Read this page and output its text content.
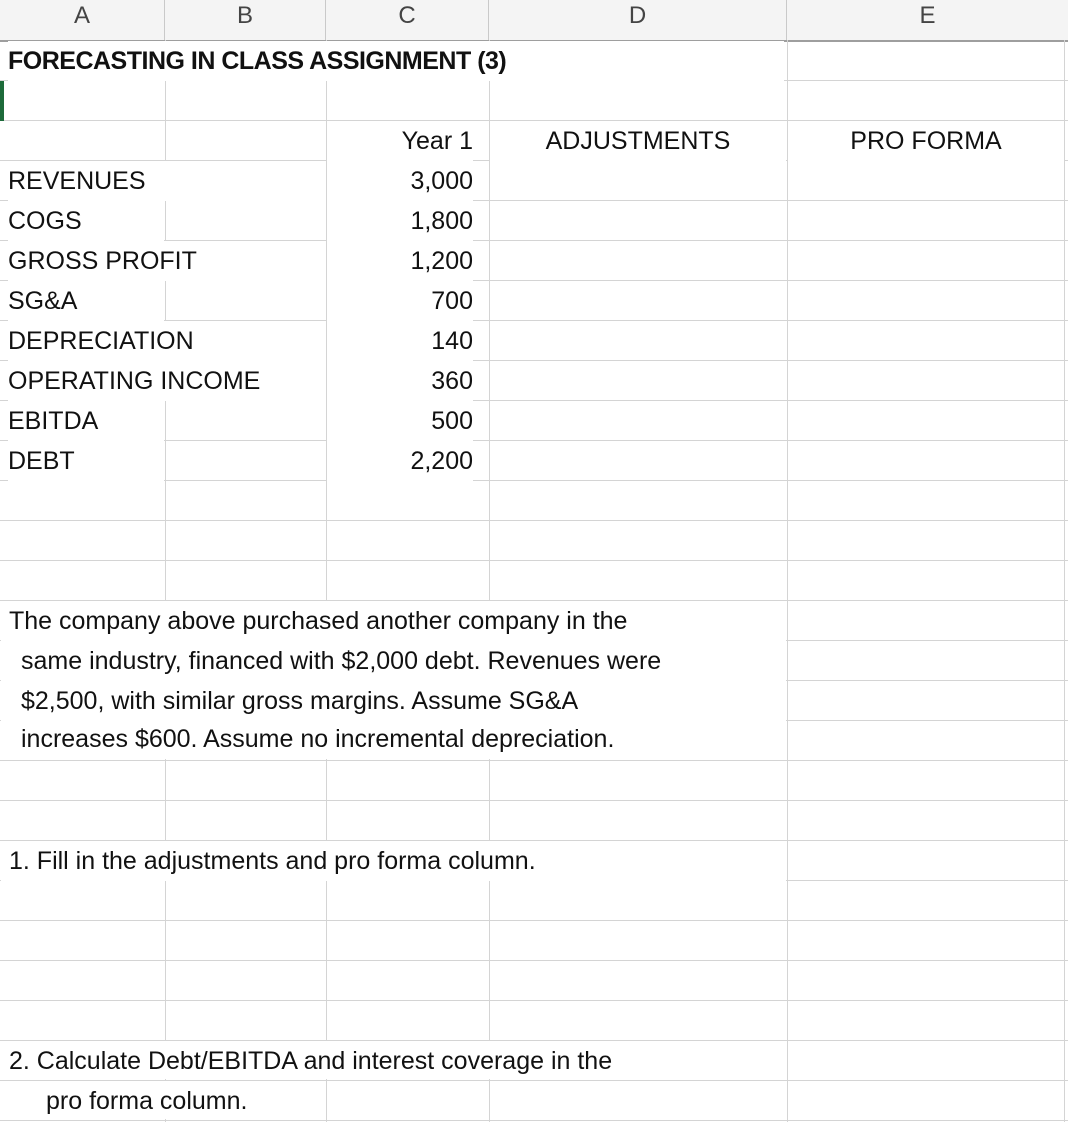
A	B	C	D	E
FORECASTING IN CLASS ASSIGNMENT (3)
Year 1	ADJUSTMENTS	PRO FORMA
REVENUES	3,000
COGS	1,800
GROSS PROFIT	1,200
SG&A	700
DEPRECIATION	140
OPERATING INCOME	360
EBITDA	500
DEBT	2,200
The company above purchased another company in the
same industry, financed with $2,000 debt. Revenues were
$2,500, with similar gross margins. Assume SG&A
increases $600. Assume no incremental depreciation.
1. Fill in the adjustments and pro forma column.
2. Calculate Debt/EBITDA and interest coverage in the
pro forma column.
